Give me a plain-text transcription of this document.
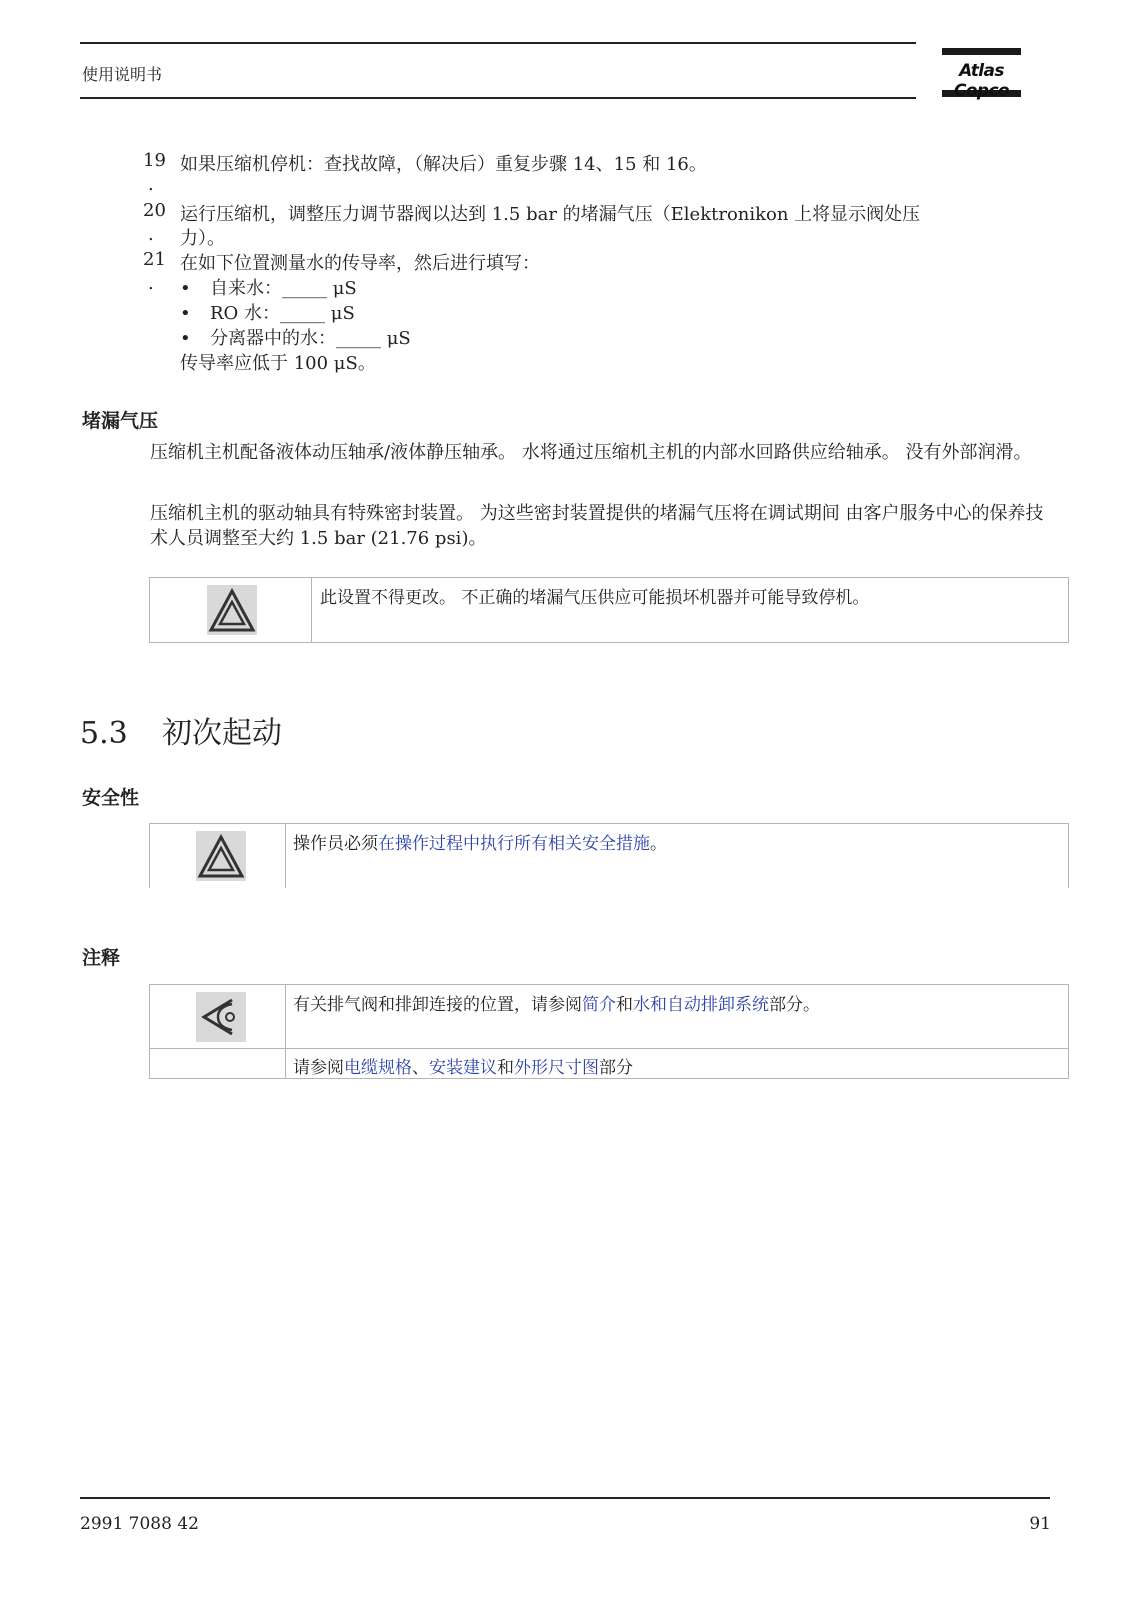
使用说明书	Atlas Copco
19
.
如果压缩机停机：查找故障，（解决后）重复步骤 14、15 和 16。
20
.
运行压缩机，调整压力调节器阀以达到 1.5 bar 的堵漏气压（Elektronikon 上将显示阀处压
力）。
21
.
在如下位置测量水的传导率，然后进行填写：
• 自来水：_____ μS
• RO 水：_____ μS
• 分离器中的水：_____ μS
传导率应低于 100 μS。
堵漏气压
压缩机主机配备液体动压轴承/液体静压轴承。 水将通过压缩机主机的内部水回路供应给轴承。 没有外部润滑。
压缩机主机的驱动轴具有特殊密封装置。 为这些密封装置提供的堵漏气压将在调试期间 由客户服务中心的保养技术人员调整至大约 1.5 bar (21.76 psi)。
此设置不得更改。 不正确的堵漏气压供应可能损坏机器并可能导致停机。
5.3 初次起动
安全性
操作员必须在操作过程中执行所有相关安全措施。
注释
有关排气阀和排卸连接的位置，请参阅简介和水和自动排卸系统部分。
请参阅电缆规格、安装建议和外形尺寸图部分
2991 7088 42	91
